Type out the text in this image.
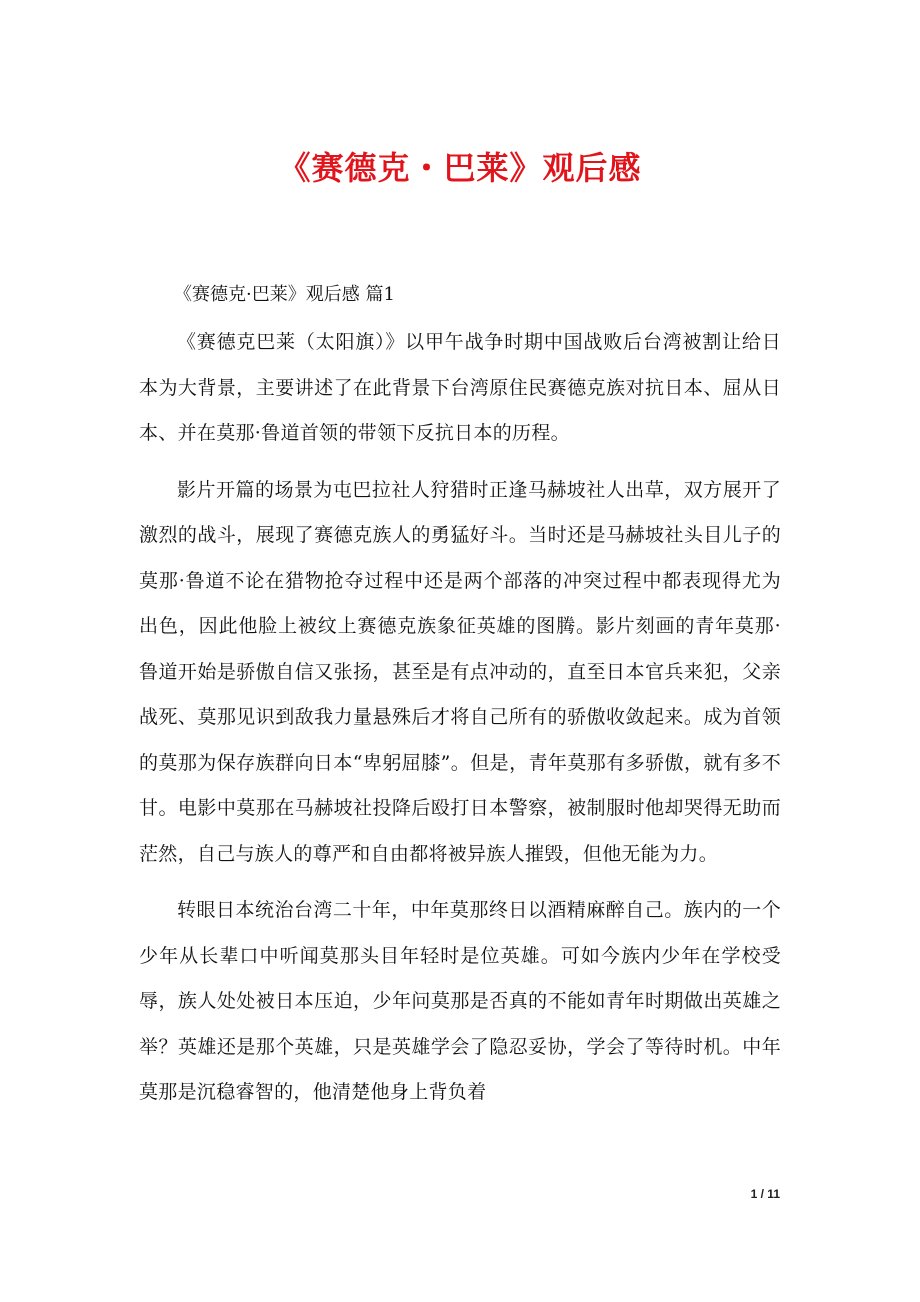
《赛德克・巴莱》观后感
《赛德克·巴莱》观后感 篇1

《赛德克巴莱（太阳旗）》以甲午战争时期中国战败后台湾被割让给日本为大背景，主要讲述了在此背景下台湾原住民赛德克族对抗日本、屈从日本、并在莫那·鲁道首领的带领下反抗日本的历程。

影片开篇的场景为屯巴拉社人狩猎时正逢马赫坡社人出草，双方展开了激烈的战斗，展现了赛德克族人的勇猛好斗。当时还是马赫坡社头目儿子的莫那·鲁道不论在猎物抢夺过程中还是两个部落的冲突过程中都表现得尤为出色，因此他脸上被纹上赛德克族象征英雄的图腾。影片刻画的青年莫那·鲁道开始是骄傲自信又张扬，甚至是有点冲动的，直至日本官兵来犯，父亲战死、莫那见识到敌我力量悬殊后才将自己所有的骄傲收敛起来。成为首领的莫那为保存族群向日本“卑躬屈膝”。但是，青年莫那有多骄傲，就有多不甘。电影中莫那在马赫坡社投降后殴打日本警察，被制服时他却哭得无助而茫然，自己与族人的尊严和自由都将被异族人摧毁，但他无能为力。

转眼日本统治台湾二十年，中年莫那终日以酒精麻醉自己。族内的一个少年从长辈口中听闻莫那头目年轻时是位英雄。可如今族内少年在学校受辱，族人处处被日本压迫，少年问莫那是否真的不能如青年时期做出英雄之举？英雄还是那个英雄，只是英雄学会了隐忍妥协，学会了等待时机。中年莫那是沉稳睿智的，他清楚他身上背负着

1 / 11
